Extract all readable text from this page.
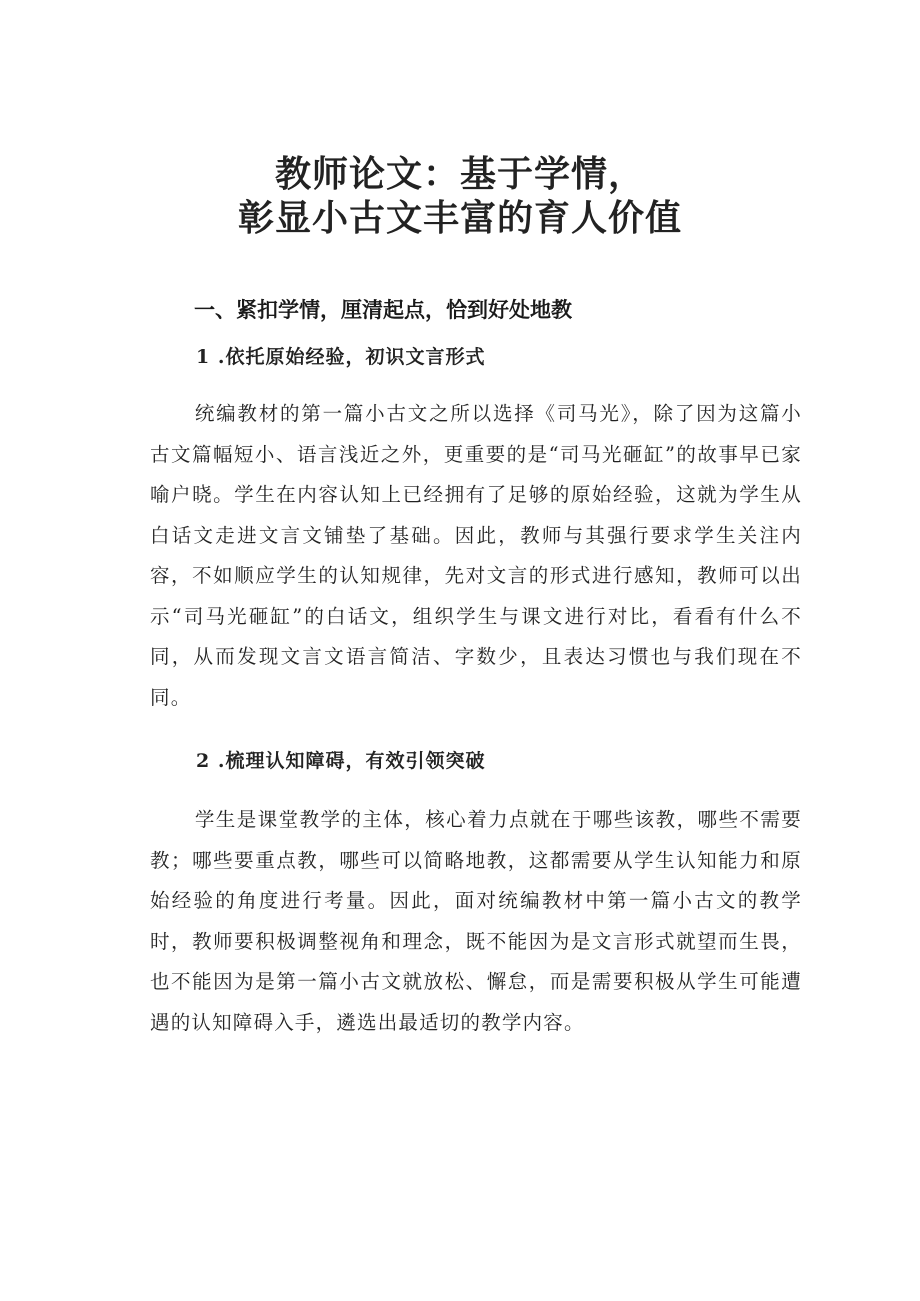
教师论文：基于学情，
彰显小古文丰富的育人价值
一、紧扣学情，厘清起点，恰到好处地教
1 .依托原始经验，初识文言形式

统编教材的第一篇小古文之所以选择《司马光》，除了因为这篇小古文篇幅短小、语言浅近之外，更重要的是“司马光砸缸”的故事早已家喻户晓。学生在内容认知上已经拥有了足够的原始经验，这就为学生从白话文走进文言文铺垫了基础。因此，教师与其强行要求学生关注内容，不如顺应学生的认知规律，先对文言的形式进行感知，教师可以出示“司马光砸缸”的白话文，组织学生与课文进行对比，看看有什么不同，从而发现文言文语言简洁、字数少，且表达习惯也与我们现在不同。

2 .梳理认知障碍，有效引领突破

学生是课堂教学的主体，核心着力点就在于哪些该教，哪些不需要教；哪些要重点教，哪些可以简略地教，这都需要从学生认知能力和原始经验的角度进行考量。因此，面对统编教材中第一篇小古文的教学时，教师要积极调整视角和理念，既不能因为是文言形式就望而生畏，也不能因为是第一篇小古文就放松、懈怠，而是需要积极从学生可能遭遇的认知障碍入手，遴选出最适切的教学内容。
